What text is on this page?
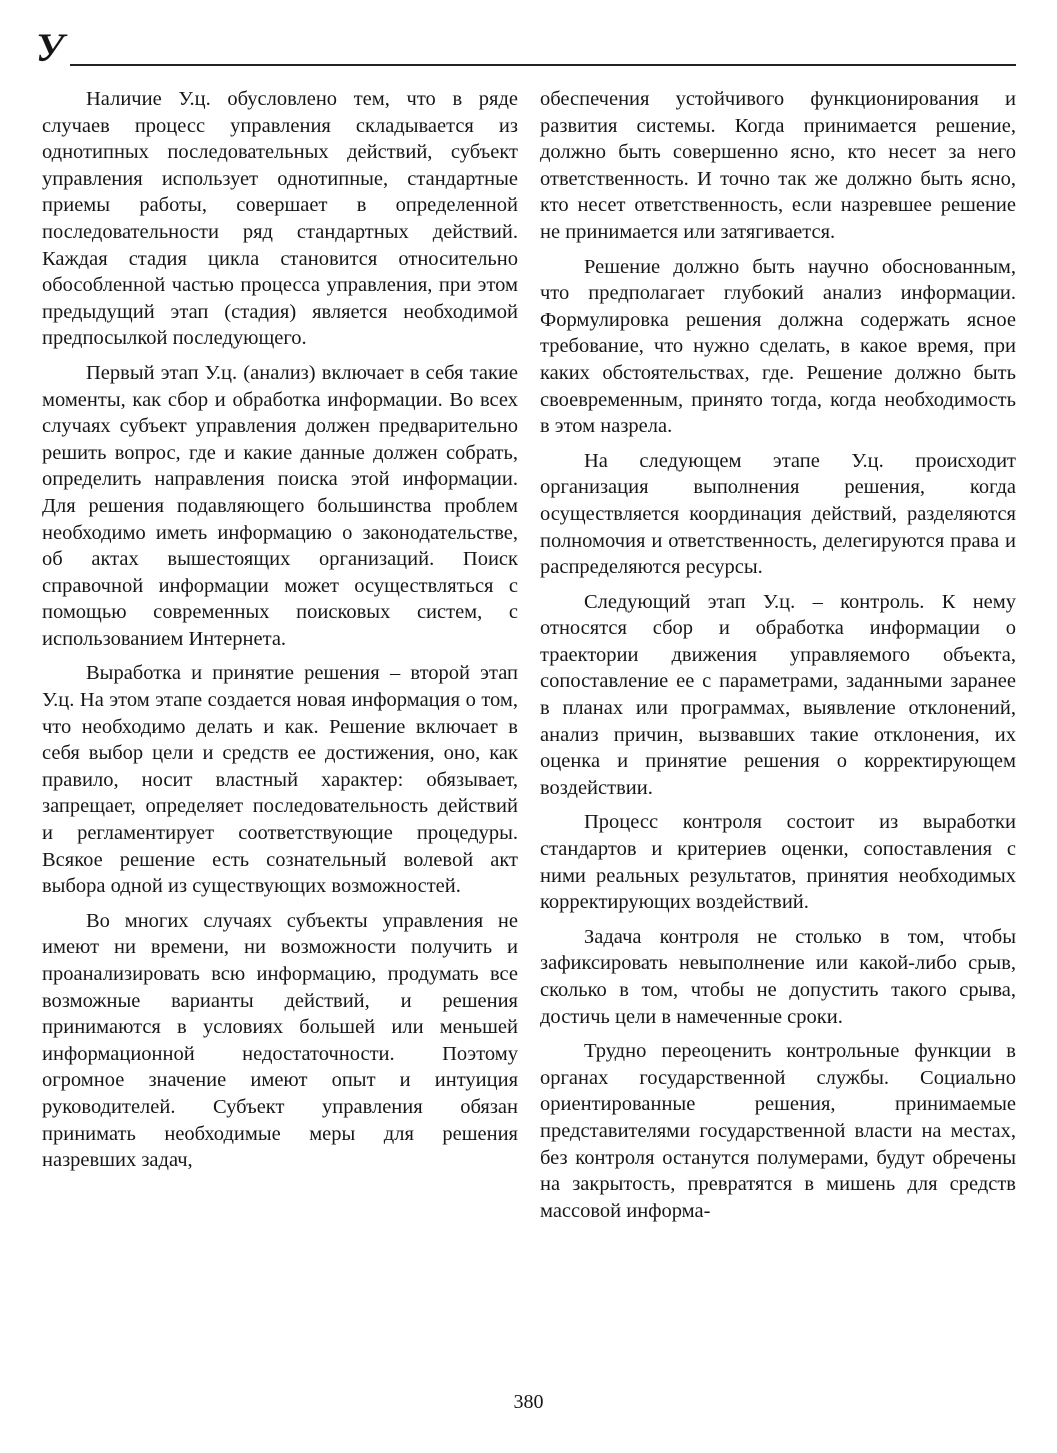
У

Наличие У.ц. обусловлено тем, что в ряде случаев процесс управления складывается из однотипных последовательных действий, субъект управления использует однотипные, стандартные приемы работы, совершает в определенной последовательности ряд стандартных действий. Каждая стадия цикла становится относительно обособленной частью процесса управления, при этом предыдущий этап (стадия) является необходимой предпосылкой последующего.

Первый этап У.ц. (анализ) включает в себя такие моменты, как сбор и обработка информации. Во всех случаях субъект управления должен предварительно решить вопрос, где и какие данные должен собрать, определить направления поиска этой информации. Для решения подавляющего большинства проблем необходимо иметь информацию о законодательстве, об актах вышестоящих организаций. Поиск справочной информации может осуществляться с помощью современных поисковых систем, с использованием Интернета.

Выработка и принятие решения – второй этап У.ц. На этом этапе создается новая информация о том, что необходимо делать и как. Решение включает в себя выбор цели и средств ее достижения, оно, как правило, носит властный характер: обязывает, запрещает, определяет последовательность действий и регламентирует соответствующие процедуры. Всякое решение есть сознательный волевой акт выбора одной из существующих возможностей.

Во многих случаях субъекты управления не имеют ни времени, ни возможности получить и проанализировать всю информацию, продумать все возможные варианты действий, и решения принимаются в условиях большей или меньшей информационной недостаточности. Поэтому огромное значение имеют опыт и интуиция руководителей. Субъект управления обязан принимать необходимые меры для решения назревших задач,

обеспечения устойчивого функционирования и развития системы. Когда принимается решение, должно быть совершенно ясно, кто несет за него ответственность. И точно так же должно быть ясно, кто несет ответственность, если назревшее решение не принимается или затягивается.

Решение должно быть научно обоснованным, что предполагает глубокий анализ информации. Формулировка решения должна содержать ясное требование, что нужно сделать, в какое время, при каких обстоятельствах, где. Решение должно быть своевременным, принято тогда, когда необходимость в этом назрела.

На следующем этапе У.ц. происходит организация выполнения решения, когда осуществляется координация действий, разделяются полномочия и ответственность, делегируются права и распределяются ресурсы.

Следующий этап У.ц. – контроль. К нему относятся сбор и обработка информации о траектории движения управляемого объекта, сопоставление ее с параметрами, заданными заранее в планах или программах, выявление отклонений, анализ причин, вызвавших такие отклонения, их оценка и принятие решения о корректирующем воздействии.

Процесс контроля состоит из выработки стандартов и критериев оценки, сопоставления с ними реальных результатов, принятия необходимых корректирующих воздействий.

Задача контроля не столько в том, чтобы зафиксировать невыполнение или какой-либо срыв, сколько в том, чтобы не допустить такого срыва, достичь цели в намеченные сроки.

Трудно переоценить контрольные функции в органах государственной службы. Социально ориентированные решения, принимаемые представителями государственной власти на местах, без контроля останутся полумерами, будут обречены на закрытость, превратятся в мишень для средств массовой информа-

380
